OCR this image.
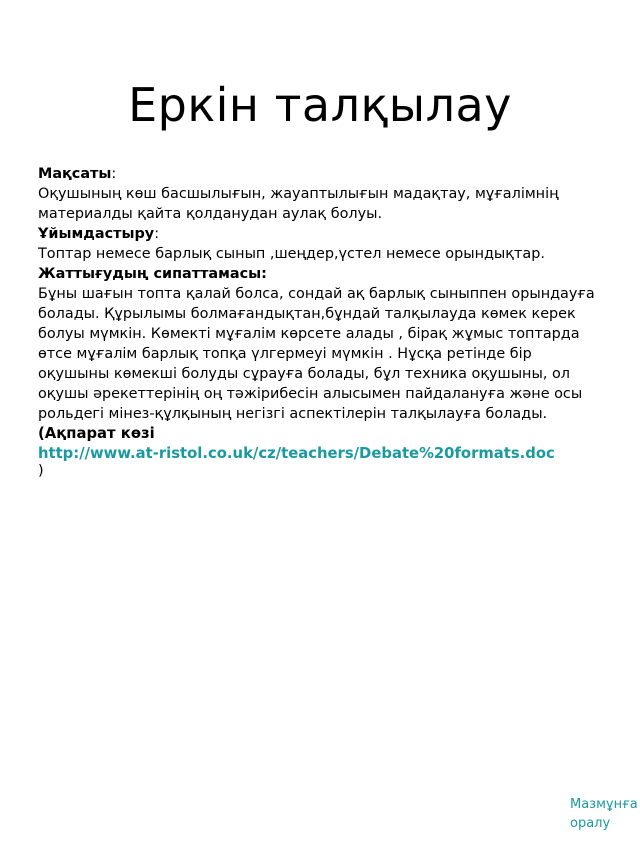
Еркін талқылау

Мақсаты:

Оқушының көш басшылығын, жауаптылығын мадақтау, мұғалімнің материалды қайта қолданудан аулақ болуы.

Ұйымдастыру:

Топтар немесе барлық сынып ,шеңдер,үстел немесе орындықтар.

Жаттығудың сипаттамасы:

Бұны шағын топта қалай болса, сондай ақ барлық сыныппен орындауға болады. Құрылымы болмағандықтан,бұндай талқылауда көмек керек болуы мүмкін. Көмекті мұғалім көрсете алады , бірақ жұмыс топтарда өтсе мұғалім барлық топқа үлгермеуі мүмкін . Нұсқа ретінде бір оқушыны көмекші болуды сұрауға болады, бұл техника оқушыны, ол оқушы әрекеттерінің оң тәжірибесін алысымен пайдалануға және осы рольдегі мінез-құлқының негізгі аспектілерін талқылауға болады.

(Ақпарат көзі
http://www.at-ristol.co.uk/cz/teachers/Debate%20formats.doc
)
Мазмұнға оралу
